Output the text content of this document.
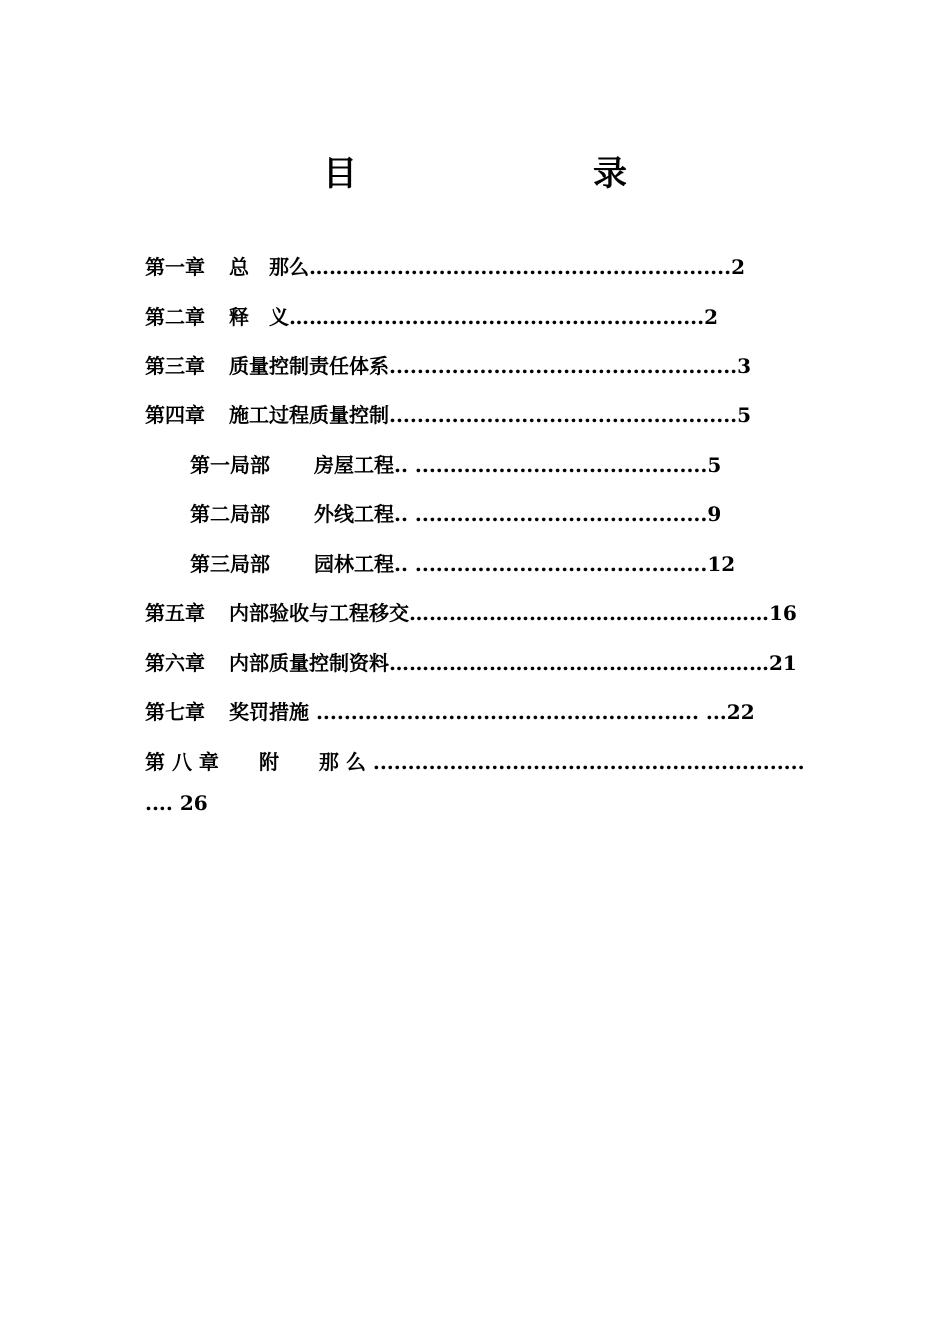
目　　录
第一章 总　那么………....................................................2
第二章 释　义………...................................................2
第三章 质量控制责任体系..................................................3
第四章 施工过程质量控制..................................................5
第一局部 房屋工程.. ..........................................5
第二局部 外线工程.. ..........................................9
第三局部 园林工程.. ..........................................12
第五章 内部验收与工程移交………………………………………………16
第六章 内部质量控制资料…………………………………………………21
第七章 奖罚措施 ....................................................... ...22
第 八 章 附　　那 么 ..............................................................
.... 26
